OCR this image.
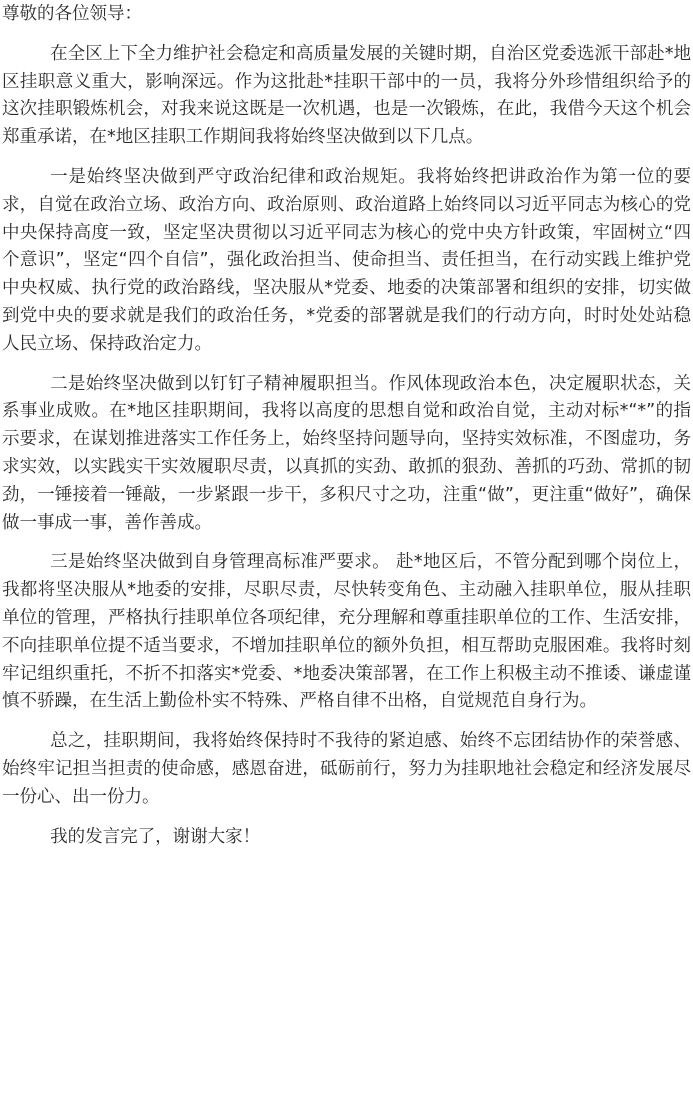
尊敬的各位领导：

在全区上下全力维护社会稳定和高质量发展的关键时期，自治区党委选派干部赴*地区挂职意义重大，影响深远。作为这批赴*挂职干部中的一员，我将分外珍惜组织给予的这次挂职锻炼机会，对我来说这既是一次机遇，也是一次锻炼，在此，我借今天这个机会郑重承诺，在*地区挂职工作期间我将始终坚决做到以下几点。

一是始终坚决做到严守政治纪律和政治规矩。我将始终把讲政治作为第一位的要求，自觉在政治立场、政治方向、政治原则、政治道路上始终同以习近平同志为核心的党中央保持高度一致，坚定坚决贯彻以习近平同志为核心的党中央方针政策，牢固树立“四个意识”，坚定“四个自信”，强化政治担当、使命担当、责任担当，在行动实践上维护党中央权威、执行党的政治路线，坚决服从*党委、地委的决策部署和组织的安排，切实做到党中央的要求就是我们的政治任务，*党委的部署就是我们的行动方向，时时处处站稳人民立场、保持政治定力。

二是始终坚决做到以钉钉子精神履职担当。作风体现政治本色，决定履职状态，关系事业成败。在*地区挂职期间，我将以高度的思想自觉和政治自觉，主动对标*“*”的指示要求，在谋划推进落实工作任务上，始终坚持问题导向，坚持实效标准，不图虚功，务求实效，以实践实干实效履职尽责，以真抓的实劲、敢抓的狠劲、善抓的巧劲、常抓的韧劲，一锤接着一锤敲，一步紧跟一步干，多积尺寸之功，注重“做”，更注重“做好”，确保做一事成一事，善作善成。

三是始终坚决做到自身管理高标准严要求。 赴*地区后，不管分配到哪个岗位上，我都将坚决服从*地委的安排，尽职尽责，尽快转变角色、主动融入挂职单位，服从挂职单位的管理，严格执行挂职单位各项纪律，充分理解和尊重挂职单位的工作、生活安排，不向挂职单位提不适当要求，不增加挂职单位的额外负担，相互帮助克服困难。我将时刻牢记组织重托，不折不扣落实*党委、*地委决策部署，在工作上积极主动不推诿、谦虚谨慎不骄躁，在生活上勤俭朴实不特殊、严格自律不出格，自觉规范自身行为。

总之，挂职期间，我将始终保持时不我待的紧迫感、始终不忘团结协作的荣誉感、始终牢记担当担责的使命感，感恩奋进，砥砺前行，努力为挂职地社会稳定和经济发展尽一份心、出一份力。

我的发言完了，谢谢大家！
